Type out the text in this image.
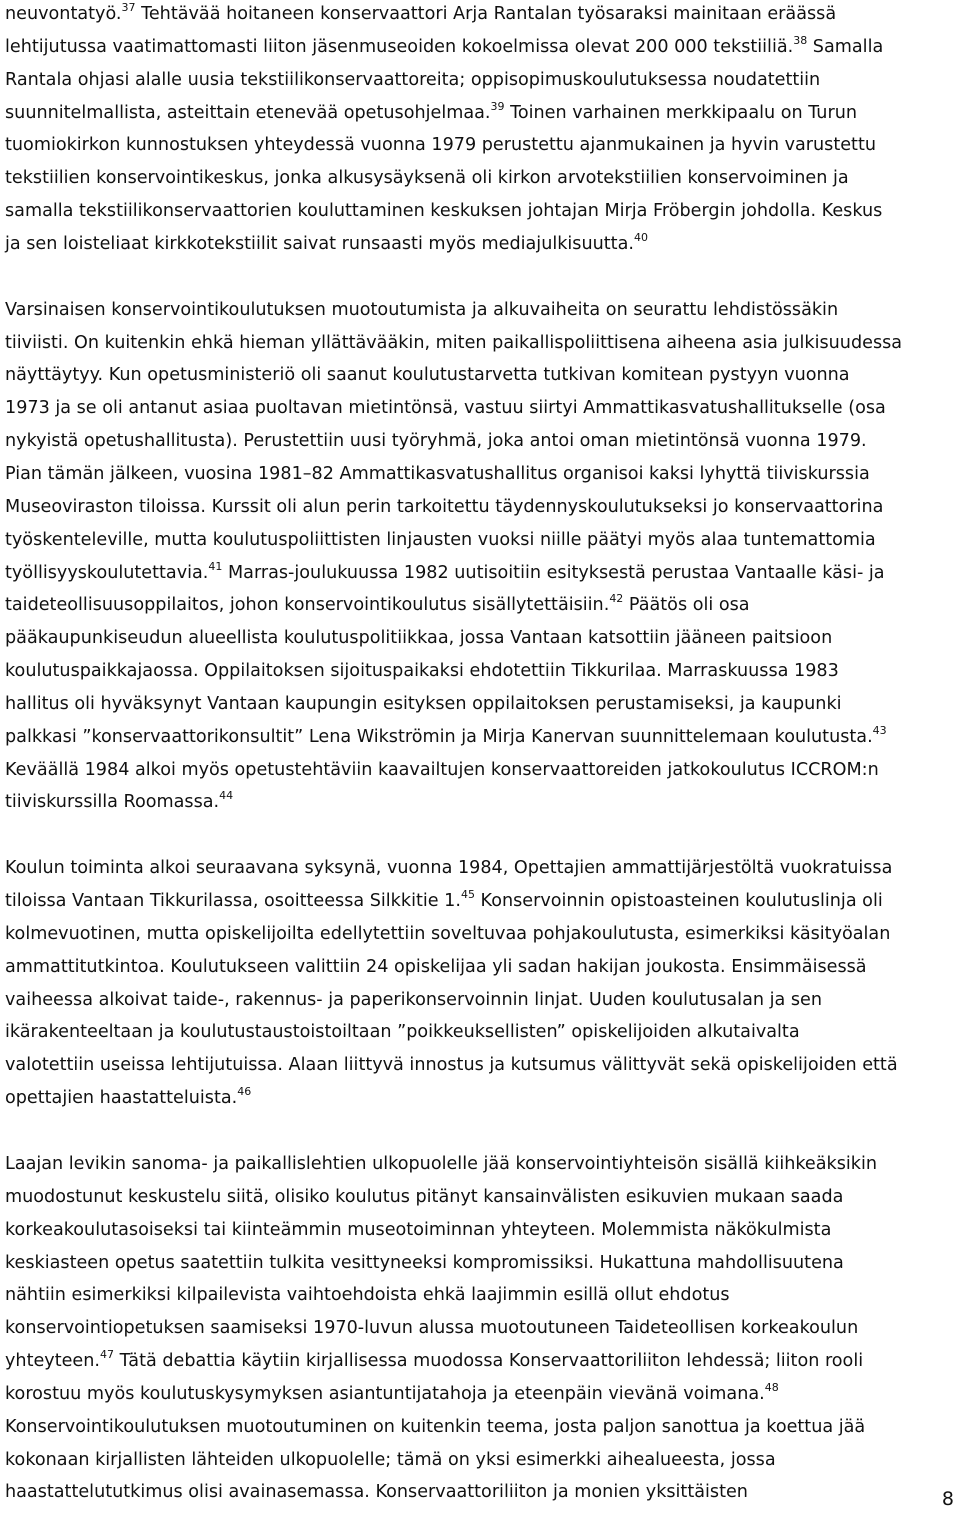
neuvontatyö.$^{37}$ Tehtävää hoitaneen konservaattori Arja Rantalan työsaraksi mainitaan eräässä
lehtijutussa vaatimattomasti liiton jäsenmuseoiden kokoelmissa olevat 200 000 tekstiiliä.$^{38}$ Samalla
Rantala ohjasi alalle uusia tekstiilikonservaattoreita; oppisopimuskoulutuksessa noudatettiin
suunnitelmallista, asteittain etenevää opetusohjelmaa.$^{39}$ Toinen varhainen merkkipaalu on Turun
tuomiokirkon kunnostuksen yhteydessä vuonna 1979 perustettu ajanmukainen ja hyvin varustettu
tekstiilien konservointikeskus, jonka alkusysäyksenä oli kirkon arvotekstiilien konservoiminen ja
samalla tekstiilikonservaattorien kouluttaminen keskuksen johtajan Mirja Fröbergin johdolla. Keskus
ja sen loisteliaat kirkkotekstiilit saivat runsaasti myös mediajulkisuutta.$^{40}$

Varsinaisen konservointikoulutuksen muotoutumista ja alkuvaiheita on seurattu lehdistössäkin
tiiviisti. On kuitenkin ehkä hieman yllättävääkin, miten paikallispoliittisena aiheena asia julkisuudessa
näyttäytyy. Kun opetusministeriö oli saanut koulutustarvetta tutkivan komitean pystyyn vuonna
1973 ja se oli antanut asiaa puoltavan mietintönsä, vastuu siirtyi Ammattikasvatushallitukselle (osa
nykyistä opetushallitusta). Perustettiin uusi työryhmä, joka antoi oman mietintönsä vuonna 1979.
Pian tämän jälkeen, vuosina 1981–82 Ammattikasvatushallitus organisoi kaksi lyhyttä tiiviskurssia
Museoviraston tiloissa. Kurssit oli alun perin tarkoitettu täydennyskoulutukseksi jo konservaattorina
työskenteleville, mutta koulutuspoliittisten linjausten vuoksi niille päätyi myös alaa tuntemattomia
työllisyyskoulutettavia.$^{41}$ Marras-joulukuussa 1982 uutisoitiin esityksestä perustaa Vantaalle käsi- ja
taideteollisuusoppilaitos, johon konservointikoulutus sisällytettäisiin.$^{42}$ Päätös oli osa
pääkaupunkiseudun alueellista koulutuspolitiikkaa, jossa Vantaan katsottiin jääneen paitsioon
koulutuspaikkajaossa. Oppilaitoksen sijoituspaikaksi ehdotettiin Tikkurilaa. Marraskuussa 1983
hallitus oli hyväksynyt Vantaan kaupungin esityksen oppilaitoksen perustamiseksi, ja kaupunki
palkkasi ”konservaattorikonsultit” Lena Wikströmin ja Mirja Kanervan suunnittelemaan koulutusta.$^{43}$
Keväällä 1984 alkoi myös opetustehtäviin kaavailtujen konservaattoreiden jatkokoulutus ICCROM:n
tiiviskurssilla Roomassa.$^{44}$

Koulun toiminta alkoi seuraavana syksynä, vuonna 1984, Opettajien ammattijärjestöltä vuokratuissa
tiloissa Vantaan Tikkurilassa, osoitteessa Silkkitie 1.45 Konservoinnin opistoasteinen koulutuslinja oli
kolmevuotinen, mutta opiskelijoilta edellytettiin soveltuvaa pohjakoulutusta, esimerkiksi käsityöalan
ammattitutkintoa. Koulutukseen valittiin 24 opiskelijaa yli sadan hakijan joukosta. Ensimmäisessä
vaiheessa alkoivat taide-, rakennus- ja paperikonservoinnin linjat. Uuden koulutusalan ja sen
ikärakenteeltaan ja koulutustaustoistoiltaan ”poikkeuksellisten” opiskelijoiden alkutaivalta
valotettiin useissa lehtijutuissa. Alaan liittyvä innostus ja kutsumus välittyvät sekä opiskelijoiden että
opettajien haastatteluista.$^{46}$

Laajan levikin sanoma- ja paikallislehtien ulkopuolelle jää konservointiyhteisön sisällä kiihkeäksikin
muodostunut keskustelu siitä, olisiko koulutus pitänyt kansainvälisten esikuvien mukaan saada
korkeakoulutasoiseksi tai kiinteämmin museotoiminnan yhteyteen. Molemmista näkökulmista
keskiasteen opetus saatettiin tulkita vesittyneeksi kompromissiksi. Hukattuna mahdollisuutena
nähtiin esimerkiksi kilpailevista vaihtoehdoista ehkä laajimmin esillä ollut ehdotus
konservointiopetuksen saamiseksi 1970-luvun alussa muotoutuneen Taideteollisen korkeakoulun
yhteyteen.$^{47}$ Tätä debattia käytiin kirjallisessa muodossa Konservaattoriliiton lehdessä; liiton rooli
korostuu myös koulutuskysymyksen asiantuntijatahoja ja eteenpäin vievänä voimana.$^{48}$
Konservointikoulutuksen muotoutuminen on kuitenkin teema, josta paljon sanottua ja koettua jää
kokonaan kirjallisten lähteiden ulkopuolelle; tämä on yksi esimerkki aihealueesta, jossa
haastattelututkimus olisi avainasemassa. Konservaattoriliiton ja monien yksittäisten	8
